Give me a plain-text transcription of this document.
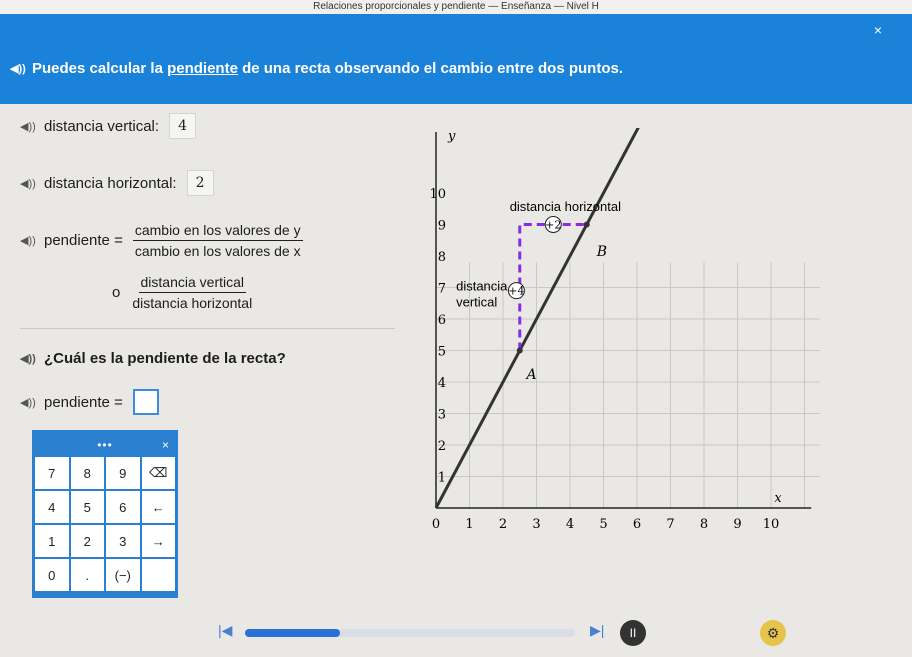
Relaciones proporcionales y pendiente — Enseñanza — Nivel H
×
◀)) Puedes calcular la pendiente de una recta observando el cambio entre dos puntos.
◀)) distancia vertical:	4
◀)) distancia horizontal:	2
◀)) pendiente = $\frac{\text{cambio en los valores de y}}{\text{cambio en los valores de x}}$
o $\frac{\text{distancia vertical}}{\text{distancia horizontal}}$
◀)) ¿Cuál es la pendiente de la recta?
◀)) pendiente =
•••	×
7	8	9	⌫
4	5	6	←
1	2	3	→
0	.	(−)
0 1 2 3 4 5 6 7 8 9 10
1
2
3
4
5
6
7
8
9
10
A
B
distancia horizontal
+2
distancia
vertical
+4
x
y
|◀	▶|	II	⚙
